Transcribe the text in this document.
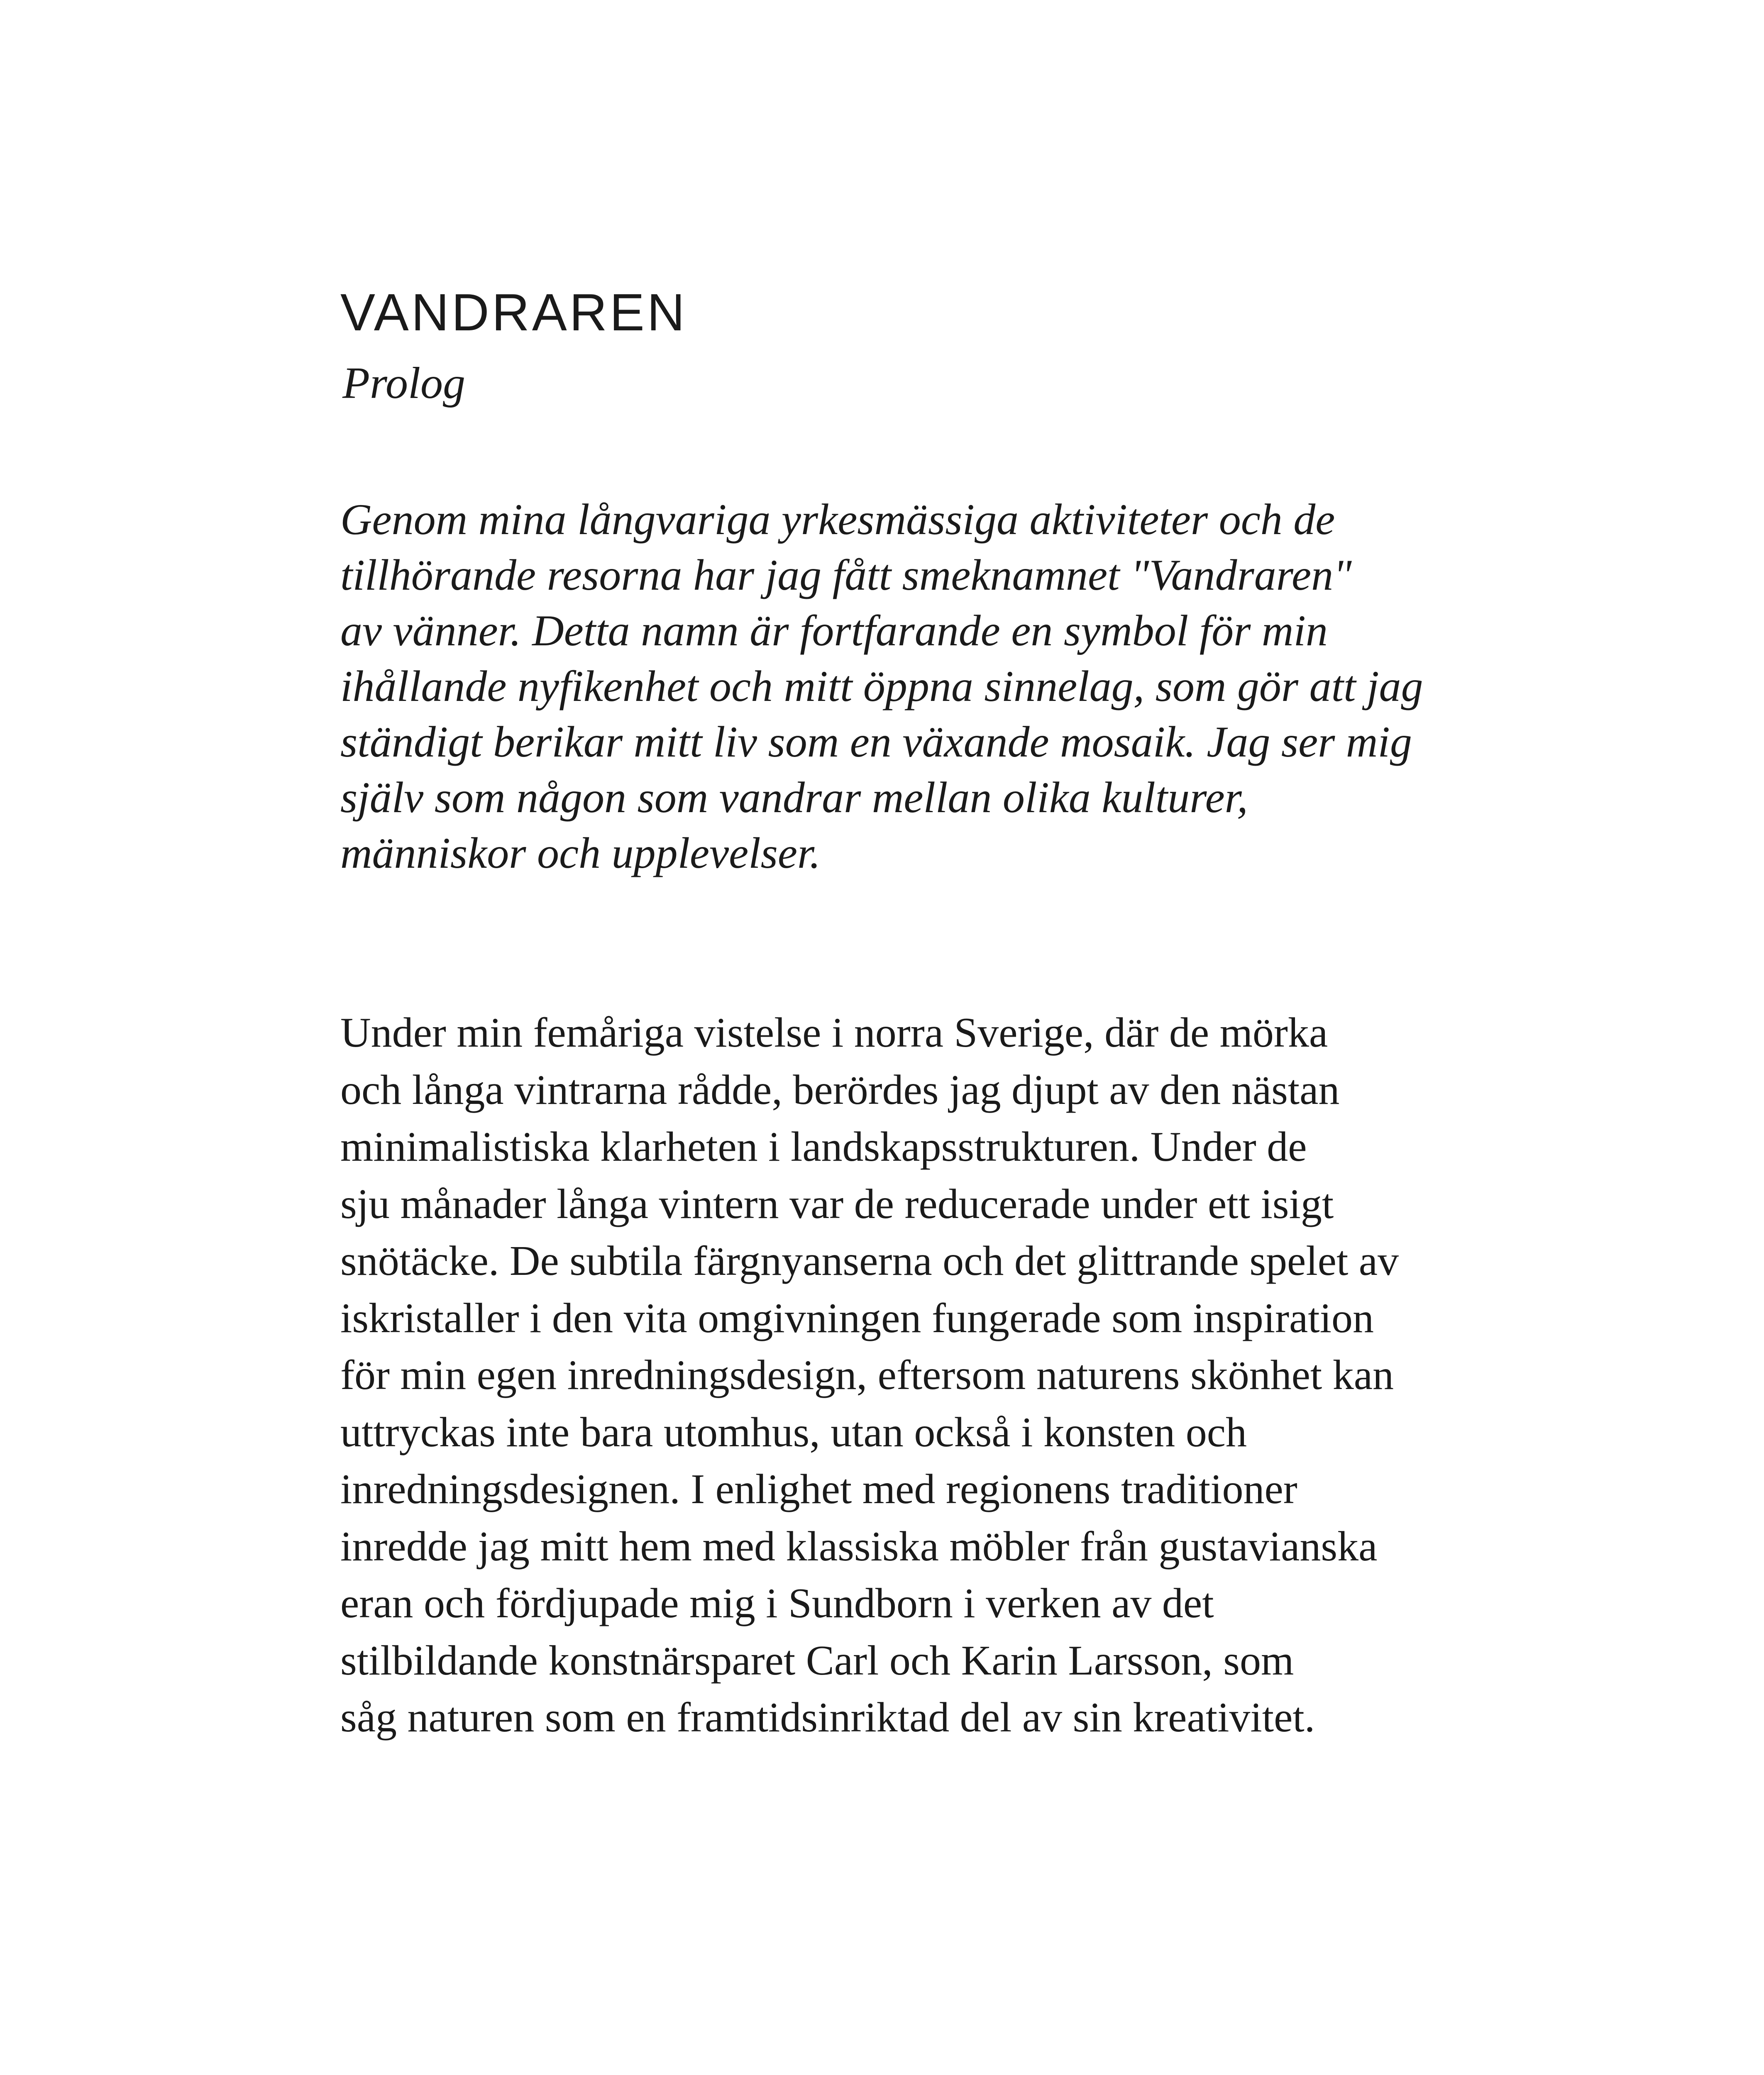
VANDRAREN

Prolog

Genom mina långvariga yrkesmässiga aktiviteter och de
tillhörande resorna har jag fått smeknamnet "Vandraren"
av vänner. Detta namn är fortfarande en symbol för min
ihållande nyfikenhet och mitt öppna sinnelag, som gör att jag
ständigt berikar mitt liv som en växande mosaik. Jag ser mig
själv som någon som vandrar mellan olika kulturer,
människor och upplevelser.

Under min femåriga vistelse i norra Sverige, där de mörka
och långa vintrarna rådde, berördes jag djupt av den nästan
minimalistiska klarheten i landskapsstrukturen. Under de
sju månader långa vintern var de reducerade under ett isigt
snötäcke. De subtila färgnyanserna och det glittrande spelet av
iskristaller i den vita omgivningen fungerade som inspiration
för min egen inredningsdesign, eftersom naturens skönhet kan
uttryckas inte bara utomhus, utan också i konsten och
inredningsdesignen. I enlighet med regionens traditioner
inredde jag mitt hem med klassiska möbler från gustavianska
eran och fördjupade mig i Sundborn i verken av det
stilbildande konstnärsparet Carl och Karin Larsson, som
såg naturen som en framtidsinriktad del av sin kreativitet.
